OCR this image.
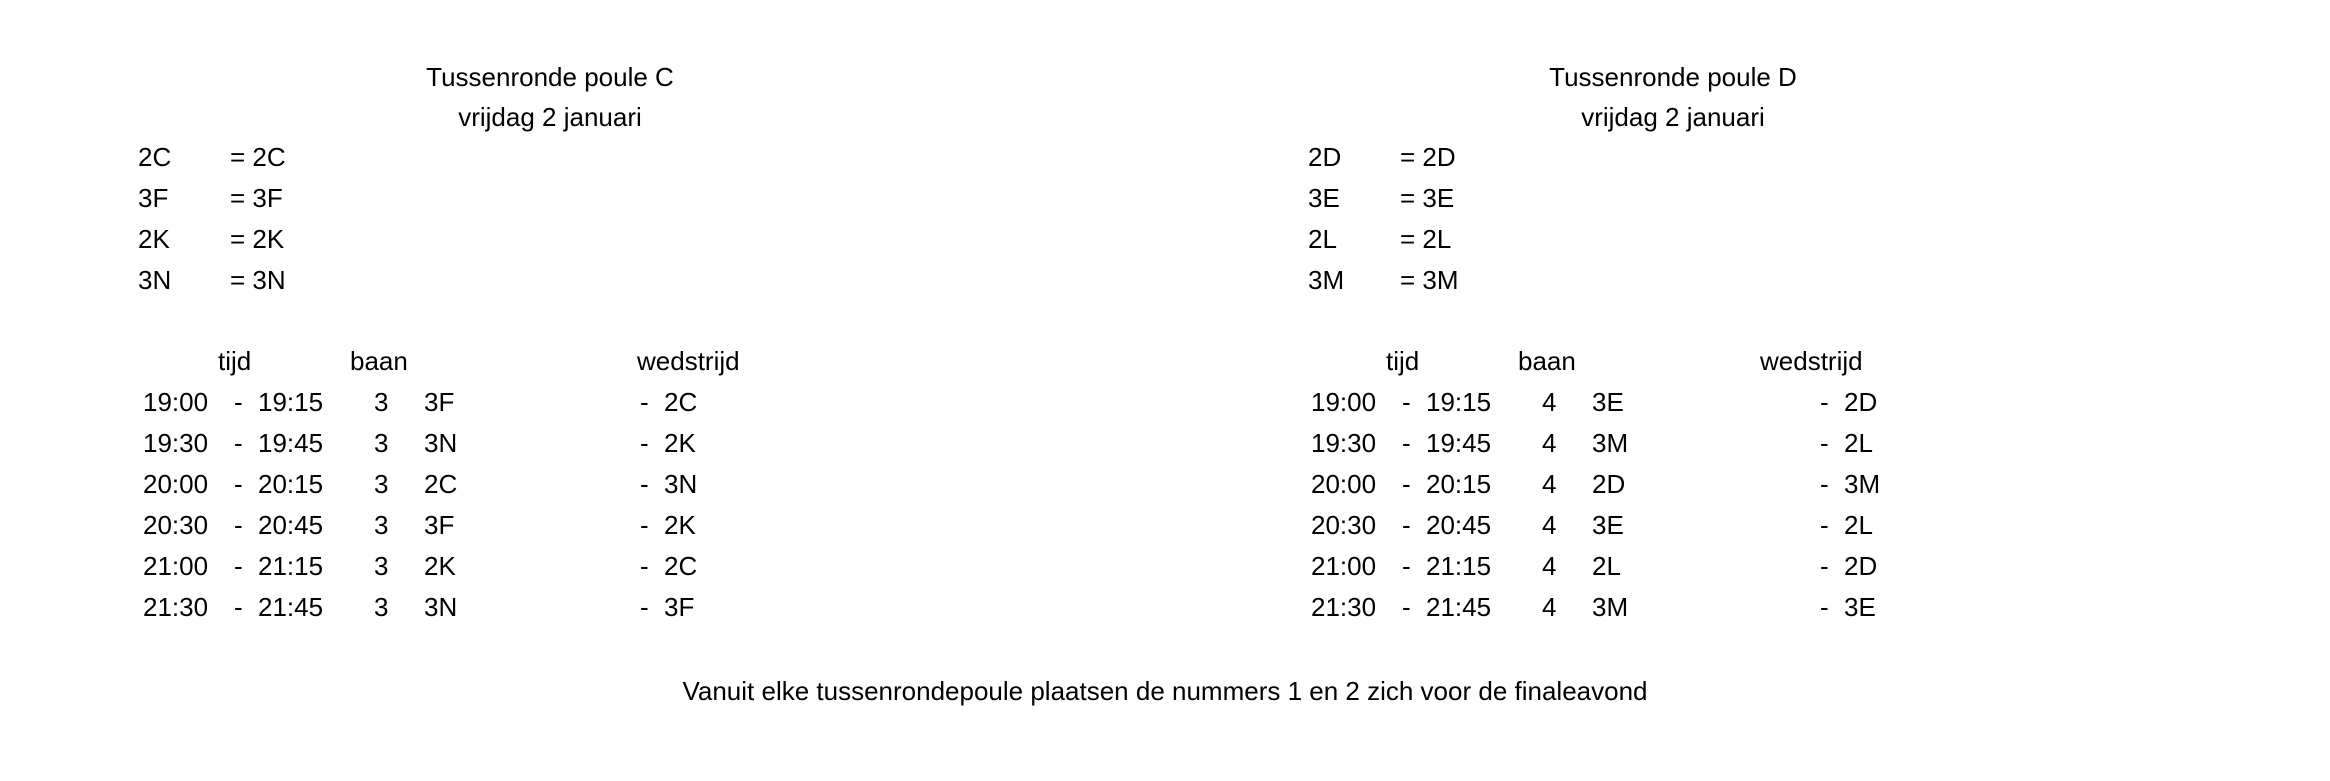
Tussenronde poule C
vrijdag 2 januari
2C = 2C
3F = 3F
2K = 2K
3N = 3N
tijd	baan	wedstrijd
19:00 - 19:15 3 3F	- 2C
19:30 - 19:45 3 3N	- 2K
20:00 - 20:15 3 2C	- 3N
20:30 - 20:45 3 3F	- 2K
21:00 - 21:15 3 2K	- 2C
21:30 - 21:45 3 3N	- 3F
Tussenronde poule D
vrijdag 2 januari
2D = 2D
3E = 3E
2L = 2L
3M = 3M
tijd	baan	wedstrijd
19:00 - 19:15 4 3E	- 2D
19:30 - 19:45 4 3M	- 2L
20:00 - 20:15 4 2D	- 3M
20:30 - 20:45 4 3E	- 2L
21:00 - 21:15 4 2L	- 2D
21:30 - 21:45 4 3M	- 3E
Vanuit elke tussenrondepoule plaatsen de nummers 1 en 2 zich voor de finaleavond
